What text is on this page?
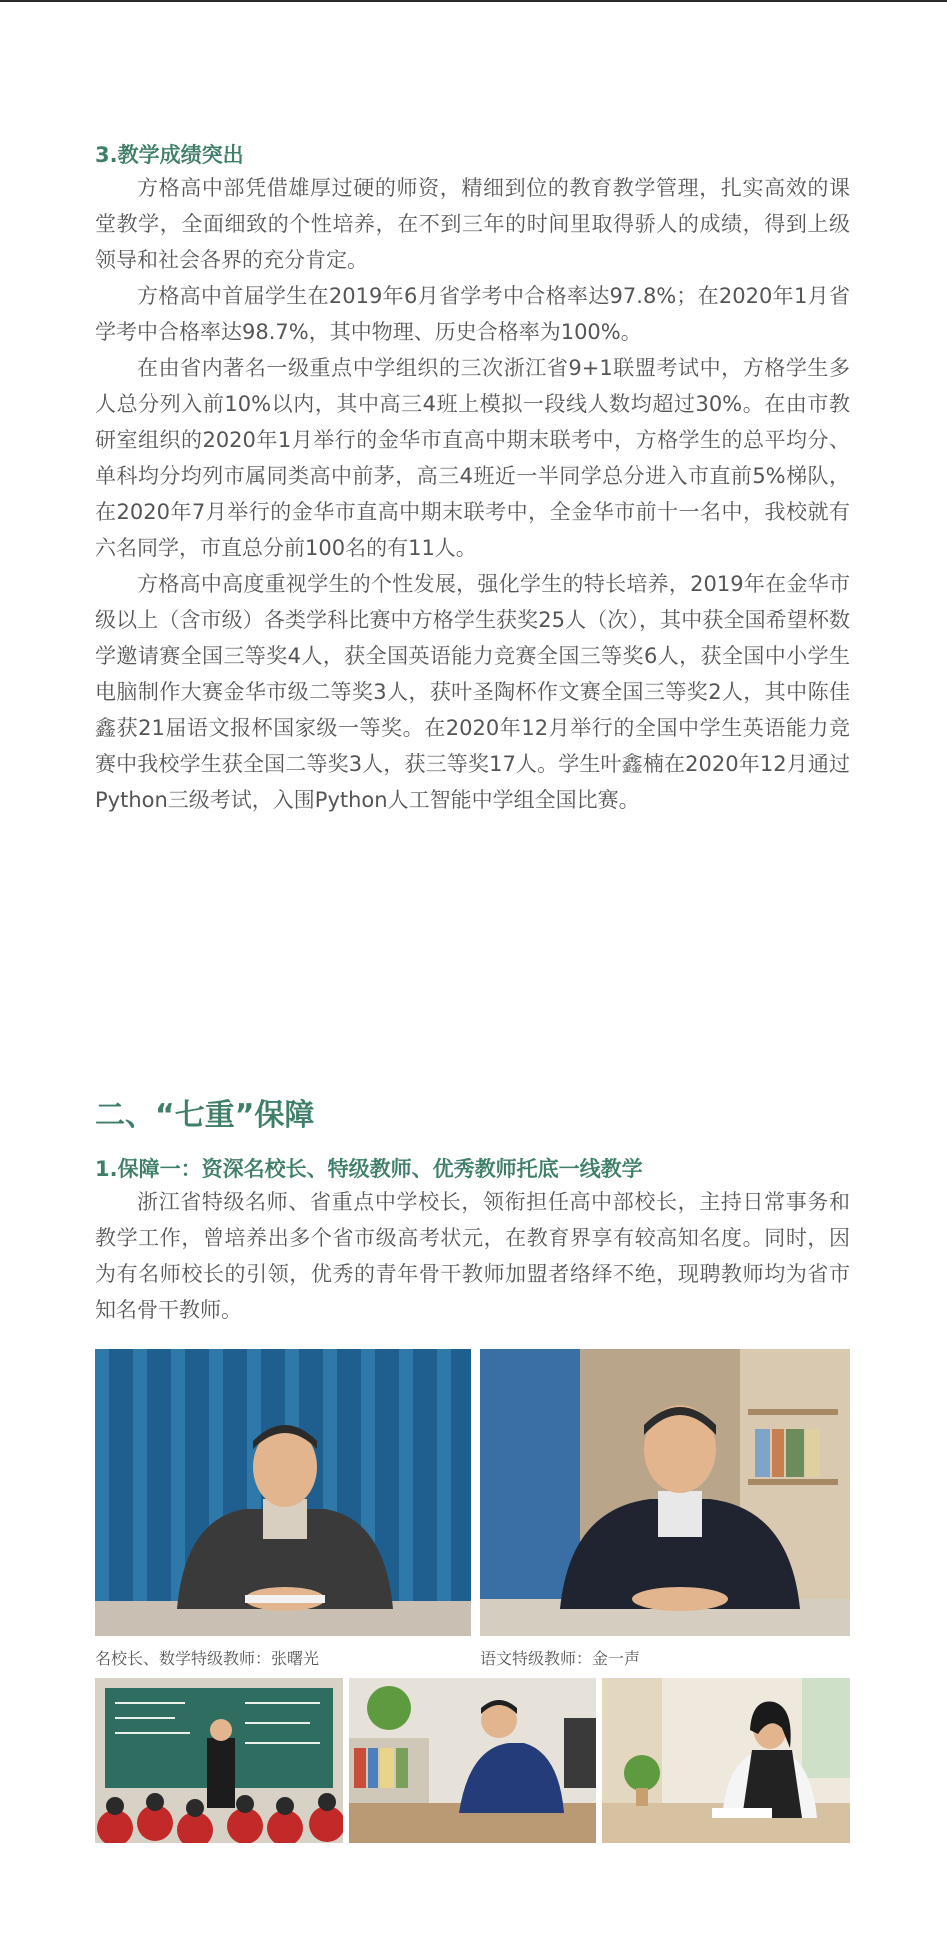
3.教学成绩突出

方格高中部凭借雄厚过硬的师资，精细到位的教育教学管理，扎实高效的课堂教学，全面细致的个性培养，在不到三年的时间里取得骄人的成绩，得到上级领导和社会各界的充分肯定。

方格高中首届学生在2019年6月省学考中合格率达97.8%；在2020年1月省学考中合格率达98.7%，其中物理、历史合格率为100%。

在由省内著名一级重点中学组织的三次浙江省9+1联盟考试中，方格学生多人总分列入前10%以内，其中高三4班上模拟一段线人数均超过30%。在由市教研室组织的2020年1月举行的金华市直高中期末联考中，方格学生的总平均分、单科均分均列市属同类高中前茅，高三4班近一半同学总分进入市直前5%梯队，在2020年7月举行的金华市直高中期末联考中，全金华市前十一名中，我校就有六名同学，市直总分前100名的有11人。

方格高中高度重视学生的个性发展，强化学生的特长培养，2019年在金华市级以上（含市级）各类学科比赛中方格学生获奖25人（次），其中获全国希望杯数学邀请赛全国三等奖4人，获全国英语能力竞赛全国三等奖6人，获全国中小学生电脑制作大赛金华市级二等奖3人，获叶圣陶杯作文赛全国三等奖2人，其中陈佳鑫获21届语文报杯国家级一等奖。在2020年12月举行的全国中学生英语能力竞赛中我校学生获全国二等奖3人，获三等奖17人。学生叶鑫楠在2020年12月通过Python三级考试，入围Python人工智能中学组全国比赛。

二、“七重”保障
1.保障一：资深名校长、特级教师、优秀教师托底一线教学

浙江省特级名师、省重点中学校长，领衔担任高中部校长，主持日常事务和教学工作，曾培养出多个省市级高考状元，在教育界享有较高知名度。同时，因为有名师校长的引领，优秀的青年骨干教师加盟者络绎不绝，现聘教师均为省市知名骨干教师。

名校长、数学特级教师：张曙光	语文特级教师：金一声
